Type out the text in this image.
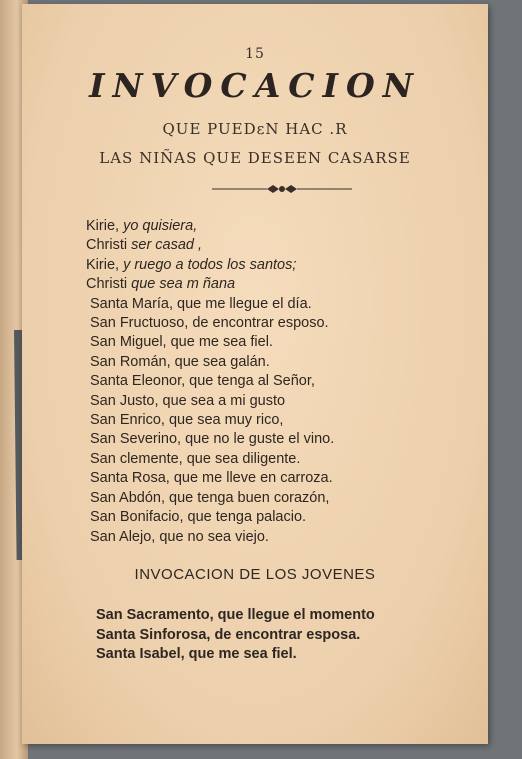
15
INVOCACION
QUE PUEDεN HAC .R
LAS NIÑAS QUE DESEEN CASARSE
Kirie, yo quisiera,
Christi ser casad ,
Kirie, y ruego a todos los santos;
Christi que sea m ñana
Santa María, que me llegue el día.
San Fructuoso, de encontrar esposo.
San Miguel, que me sea fiel.
San Román, que sea galán.
Santa Eleonor, que tenga al Señor,
San Justo, que sea a mi gusto
San Enrico, que sea muy rico,
San Severino, que no le guste el vino.
San clemente, que sea diligente.
Santa Rosa, que me lleve en carroza.
San Abdón, que tenga buen corazón,
San Bonifacio, que tenga palacio.
San Alejo, que no sea viejo.
INVOCACION DE LOS JOVENES
San Sacramento, que llegue el momento
Santa Sinforosa, de encontrar esposa.
Santa Isabel, que me sea fiel.
